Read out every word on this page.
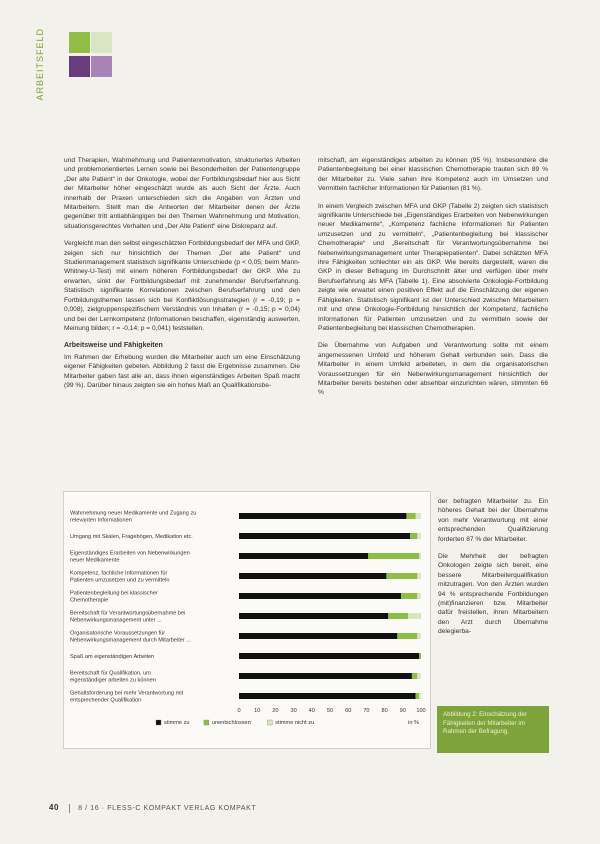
ARBEITSFELD

und Therapien, Wahrnehmung und Patientenmotivation, strukturiertes Arbeiten und problemorientiertes Lernen sowie bei Besonderheiten der Patientengruppe „Der alte Patient“ in der Onkologie, wobei der Fortbildungsbedarf hier aus Sicht der Mitarbeiter höher eingeschätzt wurde als auch Sicht der Ärzte. Auch innerhalb der Praxen unterschieden sich die Angaben von Ärzten und Mitarbeitern. Stellt man die Antworten der Mitarbeiter denen der Ärzte gegenüber tritt antiabhängigen bei den Themen Wahrnehmung und Motivation, situationsgerechtes Verhalten und „Der Alte Patient“ eine Diskrepanz auf.

Vergleicht man den selbst eingeschätzten Fortbildungsbedarf der MFA und GKP, zeigen sich nur hinsichtlich der Themen „Der alte Patient“ und Studienmanagement statistisch signifikante Unterschiede (p < 0,05; beim Mann-Whitney-U-Test) mit einem höheren Fortbildungsbedarf der GKP. Wie zu erwarten, sinkt der Fortbildungsbedarf mit zunehmender Berufserfahrung. Statistisch signifikante Korrelationen zwischen Berufserfahrung und den Fortbildungsthemen lassen sich bei Konfliktlösungsstrategien (r = -0,19; p = 0,008), zielgruppenspezifischem Verständnis von Inhalten (r = -0,15; p = 0,04) und bei der Lernkompetenz (Informationen beschaffen, eigenständig auswerten, Meinung bilden; r = -0,14; p = 0,041) feststellen.

Arbeitsweise und Fähigkeiten

Im Rahmen der Erhebung wurden die Mitarbeiter auch um eine Einschätzung eigener Fähigkeiten gebeten. Abbildung 2 fasst die Ergebnisse zusammen. Die Mitarbeiter gaben fast alle an, dass ihnen eigenständiges Arbeiten Spaß macht (99 %). Darüber hinaus zeigten sie ein hohes Maß an Qualifikationsbe-

mitschaft, am eigenständiges arbeiten zu können (95 %). Insbesondere die Patientenbegleitung bei einer klassischen Chemotherapie trauten sich 89 % der Mitarbeiter zu. Viele sahen ihre Kompetenz auch im Umsetzen und Vermitteln fachlicher Informationen für Patienten (81 %).

In einem Vergleich zwischen MFA und GKP (Tabelle 2) zeigten sich statistisch signifikante Unterschiede bei „Eigenständiges Erarbeiten von Nebenwirkungen neuer Medikamente“, „Kompetenz fachliche Informationen für Patienten umzusetzen und zu vermitteln“, „Patientenbegleitung bei klassischer Chemotherapie“ und „Bereitschaft für Verantwortungsübernahme bei Nebenwirkungsmanagement unter Therapiepatienten“. Dabei schätzten MFA ihre Fähigkeiten schlechter ein als GKP. Wie bereits dargestellt, waren die GKP in dieser Befragung im Durchschnitt älter und verfügen über mehr Berufserfahrung als MFA (Tabelle 1). Eine absolvierte Onkologie-Fortbildung zeigte wie erwartet einen positiven Effekt auf die Einschätzung der eigenen Fähigkeiten. Statistisch signifikant ist der Unterschied zwischen Mitarbeitern mit und ohne Onkologie-Fortbildung hinsichtlich der Kompetenz, fachliche Informationen für Patienten umzusetzen und zu vermitteln sowie der Patientenbegleitung bei klassischen Chemotherapien.

Die Übernahme von Aufgaben und Verantwortung sollte mit einem angemessenen Umfeld und höherem Gehalt verbunden sein. Dass die Mitarbeiter in einem Umfeld arbeiteten, in dem die organisatorischen Voraussetzungen für ein Nebenwirkungsmanagement hinsichtlich der Mitarbeiter bereits bestehen oder absehbar einzurichten wären, stimmten 66 %

der befragten Mitarbeiter zu. Ein höheres Gehalt bei der Übernahme von mehr Verantwortung mit einer entsprechenden Qualifizierung forderten 87 % der Mitarbeiter.

Die Mehrheit der befragten Onkologen zeigte sich bereit, eine bessere Mitarbeiterqualifikation mitzutragen. Von den Ärzten wurden 94 % entsprechende Fortbildungen (mit)finanzieren bzw. Mitarbeiter dafür freistellen, ihren Mitarbeitern den Arzt durch Übernahme delegierba-

Wahrnehmung neuer Medikamente und Zugang zu relevanten Informationen
Umgang mit Skalen, Fragebögen, Medikation etc.
Eigenständiges Erarbeiten von Nebenwirkungen neuer Medikamente
Kompetenz, fachliche Informationen für Patienten umzusetzen und zu vermitteln
Patientenbegleitung bei klassischer Chemotherapie
Bereitschaft für Verantwortungsübernahme bei Nebenwirkungsmanagement unter ...
Organisatorische Voraussetzungen für Nebenwirkungsmanagement durch Mitarbeiter ...
Spaß am eigenständigen Arbeiten
Bereitschaft für Qualifikation, um eigenständiger arbeiten zu können
Gehaltsforderung bei mehr Verantwortung mit entsprechender Qualifikation
0 10 20 30 40 50 60 70 80 90 100
in %
stimme zu	unentschlossen	stimme nicht zu
Abbildung 2: Einschätzung der Fähigkeiten der Mitarbeiter im Rahmen der Befragung.
40	8 / 16 · FLESS-C KOMPAKT VERLAG KOMPAKT
